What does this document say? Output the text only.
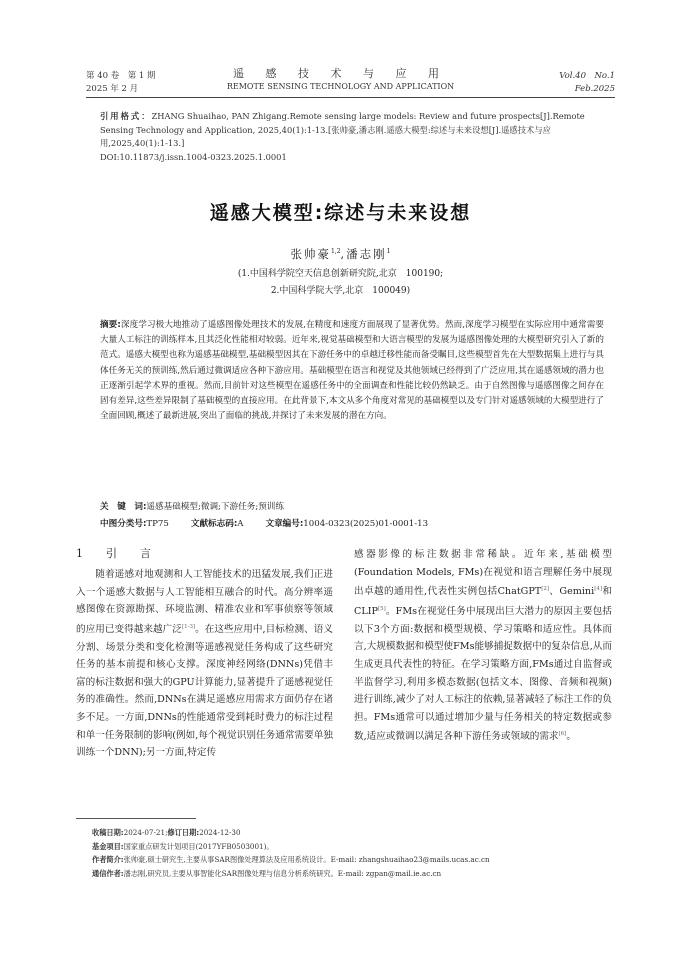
第 40 卷　第 1 期
2025 年 2 月
遥 感 技 术 与 应 用
REMOTE SENSING TECHNOLOGY AND APPLICATION
Vol.40　No.1
Feb.2025
引用格式：ZHANG Shuaihao, PAN Zhigang.Remote sensing large models: Review and future prospects[J].Remote Sensing Technology and Application, 2025,40(1):1-13.[张帅豪,潘志刚.遥感大模型:综述与未来设想[J].遥感技术与应用,2025,40(1):1-13.]
DOI:10.11873/j.issn.1004-0323.2025.1.0001
遥感大模型:综述与未来设想
张帅豪$^{1,2}$,潘志刚$^1$
(1.中国科学院空天信息创新研究院,北京　100190;
2.中国科学院大学,北京　100049)
摘要:深度学习极大地推动了遥感图像处理技术的发展,在精度和速度方面展现了显著优势。然而,深度学习模型在实际应用中通常需要大量人工标注的训练样本,且其泛化性能相对较弱。近年来,视觉基础模型和大语言模型的发展为遥感图像处理的大模型研究引入了新的范式。遥感大模型也称为遥感基础模型,基础模型因其在下游任务中的卓越迁移性能而备受瞩目,这些模型首先在大型数据集上进行与具体任务无关的预训练,然后通过微调适应各种下游应用。基础模型在语言和视觉及其他领域已经得到了广泛应用,其在遥感领域的潜力也正逐渐引起学术界的重视。然而,目前针对这些模型在遥感任务中的全面调查和性能比较仍然缺乏。由于自然图像与遥感图像之间存在固有差异,这些差异限制了基础模型的直接应用。在此背景下,本文从多个角度对常见的基础模型以及专门针对遥感领域的大模型进行了全面回顾,概述了最新进展,突出了面临的挑战,并探讨了未来发展的潜在方向。
关　键　词:遥感基础模型;微调;下游任务;预训练
中图分类号:TP75	文献标志码:A	文章编号:1004-0323(2025)01-0001-13
1　引　言
随着遥感对地观测和人工智能技术的迅猛发展,我们正进入一个遥感大数据与人工智能相互融合的时代。高分辨率遥感图像在资源勘探、环境监测、精准农业和军事侦察等领域的应用已变得越来越广泛[1-3]。在这些应用中,目标检测、语义分割、场景分类和变化检测等遥感视觉任务构成了这些研究任务的基本前提和核心支撑。深度神经网络(DNNs)凭借丰富的标注数据和强大的GPU计算能力,显著提升了遥感视觉任务的准确性。然而,DNNs在满足遥感应用需求方面仍存在诸多不足。一方面,DNNs的性能通常受到耗时费力的标注过程和单一任务限制的影响(例如,每个视觉识别任务通常需要单独训练一个DNN);另一方面,特定传
感器影像的标注数据非常稀缺。近年来,基础模型(Foundation Models, FMs)在视觉和语言理解任务中展现出卓越的通用性,代表性实例包括ChatGPT[2]、Gemini[4]和CLIP[5]。FMs在视觉任务中展现出巨大潜力的原因主要包括以下3个方面:数据和模型规模、学习策略和适应性。具体而言,大规模数据和模型使FMs能够捕捉数据中的复杂信息,从而生成更具代表性的特征。在学习策略方面,FMs通过自监督或半监督学习,利用多模态数据(包括文本、图像、音频和视频)进行训练,减少了对人工标注的依赖,显著减轻了标注工作的负担。FMs通常可以通过增加少量与任务相关的特定数据或参数,适应或微调以满足各种下游任务或领域的需求[6]。
收稿日期:2024-07-21;修订日期:2024-12-30
基金项目:国家重点研发计划项目(2017YFB0503001)。
作者简介:张帅豪,硕士研究生,主要从事SAR图像处理算法及应用系统设计。E-mail: zhangshuaihao23@mails.ucas.ac.cn
通信作者:潘志刚,研究员,主要从事智能化SAR图像处理与信息分析系统研究。E-mail: zgpan@mail.ie.ac.cn
